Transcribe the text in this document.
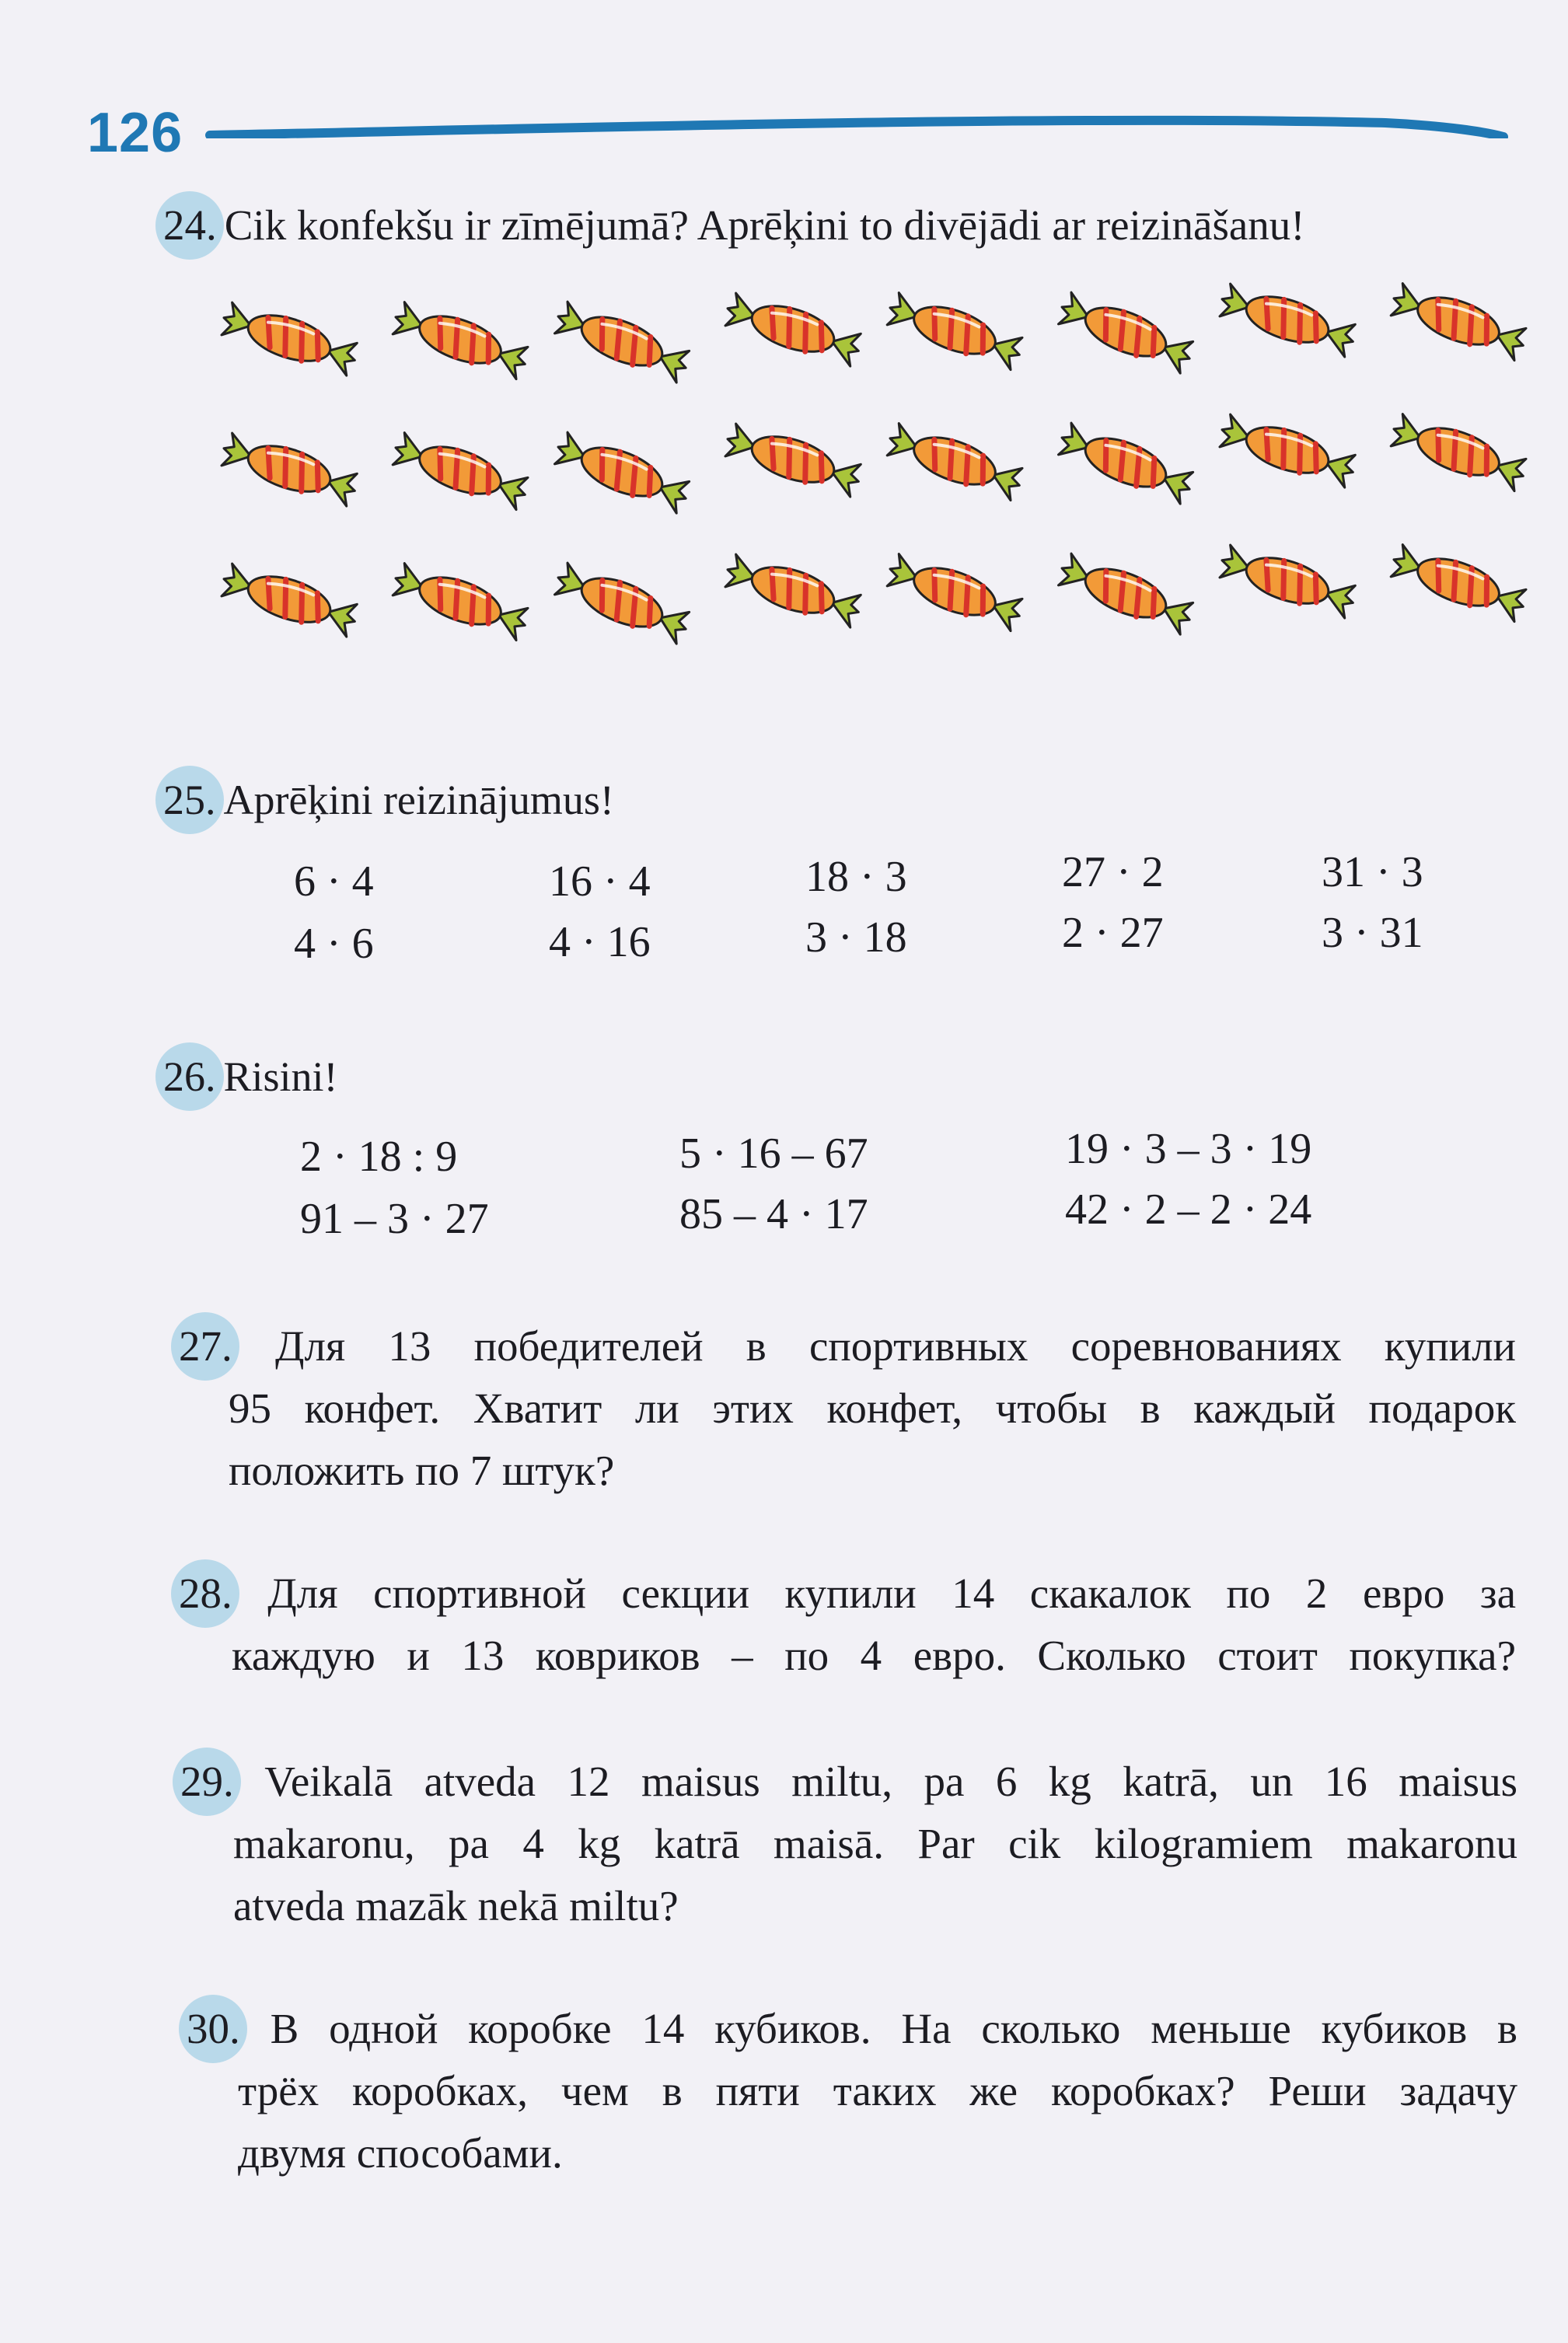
126
24. Cik konfekšu ir zīmējumā? Aprēķini to divējādi ar reizināšanu!
25. Aprēķini reizinājumus!
6 · 4	16 · 4	18 · 3	27 · 2	31 · 3
4 · 6	4 · 16	3 · 18	2 · 27	3 · 31
26. Risini!
2 · 18 : 9	5 · 16 – 67	19 · 3 – 3 · 19
91 – 3 · 27	85 – 4 · 17	42 · 2 – 2 · 24
27. Для 13 победителей в спортивных соревнованиях купили
95 конфет. Хватит ли этих конфет, чтобы в каждый подарок
положить по 7 штук?
28. Для спортивной секции купили 14 скакалок по 2 евро за
каждую и 13 ковриков – по 4 евро. Сколько стоит покупка?
29. Veikalā atveda 12 maisus miltu, pa 6 kg katrā, un 16 maisus
makaronu, pa 4 kg katrā maisā. Par cik kilogramiem makaronu
atveda mazāk nekā miltu?
30. В одной коробке 14 кубиков. На сколько меньше кубиков в
трёх коробках, чем в пяти таких же коробках? Реши задачу
двумя способами.
